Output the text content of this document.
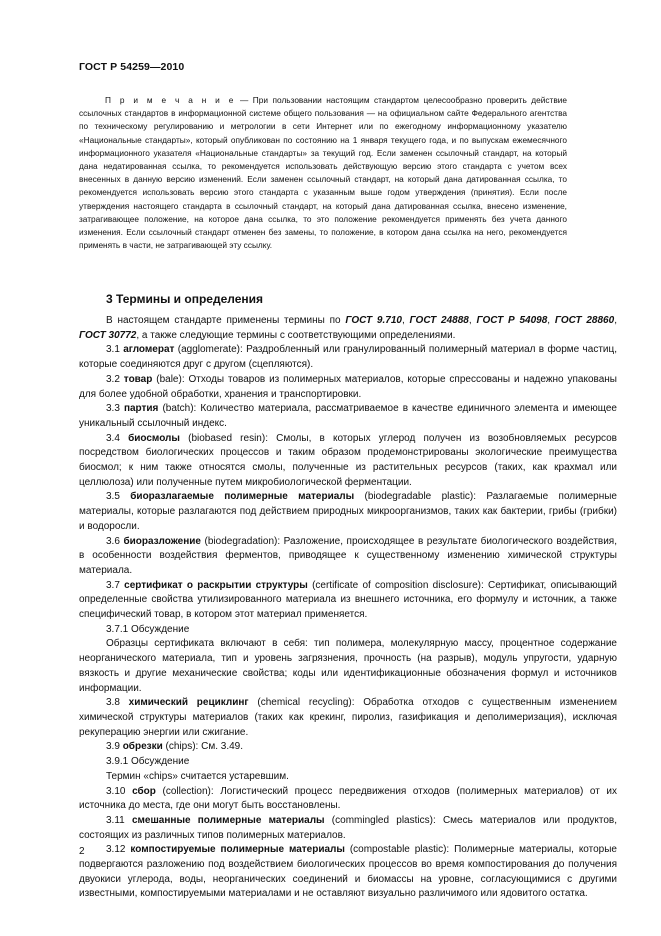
ГОСТ Р 54259—2010
П р и м е ч а н и е — При пользовании настоящим стандартом целесообразно проверить действие ссылочных стандартов в информационной системе общего пользования — на официальном сайте Федерального агентства по техническому регулированию и метрологии в сети Интернет или по ежегодному информационному указателю «Национальные стандарты», который опубликован по состоянию на 1 января текущего года, и по выпускам ежемесячного информационного указателя «Национальные стандарты» за текущий год. Если заменен ссылочный стандарт, на который дана недатированная ссылка, то рекомендуется использовать действующую версию этого стандарта с учетом всех внесенных в данную версию изменений. Если заменен ссылочный стандарт, на который дана датированная ссылка, то рекомендуется использовать версию этого стандарта с указанным выше годом утверждения (принятия). Если после утверждения настоящего стандарта в ссылочный стандарт, на который дана датированная ссылка, внесено изменение, затрагивающее положение, на которое дана ссылка, то это положение рекомендуется применять без учета данного изменения. Если ссылочный стандарт отменен без замены, то положение, в котором дана ссылка на него, рекомендуется применять в части, не затрагивающей эту ссылку.
3 Термины и определения

В настоящем стандарте применены термины по ГОСТ 9.710, ГОСТ 24888, ГОСТ Р 54098, ГОСТ 28860, ГОСТ 30772, а также следующие термины с соответствующими определениями.

3.1 агломерат (agglomerate): Раздробленный или гранулированный полимерный материал в форме частиц, которые соединяются друг с другом (сцепляются).

3.2 товар (bale): Отходы товаров из полимерных материалов, которые спрессованы и надежно упакованы для более удобной обработки, хранения и транспортировки.

3.3 партия (batch): Количество материала, рассматриваемое в качестве единичного элемента и имеющее уникальный ссылочный индекс.

3.4 биосмолы (biobased resin): Смолы, в которых углерод получен из возобновляемых ресурсов посредством биологических процессов и таким образом продемонстрированы экологические преимущества биосмол; к ним также относятся смолы, полученные из растительных ресурсов (таких, как крахмал или целлюлоза) или полученные путем микробиологической ферментации.

3.5 биоразлагаемые полимерные материалы (biodegradable plastic): Разлагаемые полимерные материалы, которые разлагаются под действием природных микроорганизмов, таких как бактерии, грибы (грибки) и водоросли.

3.6 биоразложение (biodegradation): Разложение, происходящее в результате биологического воздействия, в особенности воздействия ферментов, приводящее к существенному изменению химической структуры материала.

3.7 сертификат о раскрытии структуры (certificate of composition disclosure): Сертификат, описывающий определенные свойства утилизированного материала из внешнего источника, его формулу и источник, а также специфический товар, в котором этот материал применяется.

3.7.1 Обсуждение

Образцы сертификата включают в себя: тип полимера, молекулярную массу, процентное содержание неорганического материала, тип и уровень загрязнения, прочность (на разрыв), модуль упругости, ударную вязкость и другие механические свойства; коды или идентификационные обозначения формул и источников информации.

3.8 химический рециклинг (chemical recycling): Обработка отходов с существенным изменением химической структуры материалов (таких как крекинг, пиролиз, газификация и деполимеризация), исключая рекуперацию энергии или сжигание.

3.9 обрезки (chips): См. 3.49.

3.9.1 Обсуждение

Термин «chips» считается устаревшим.

3.10 сбор (collection): Логистический процесс передвижения отходов (полимерных материалов) от их источника до места, где они могут быть восстановлены.

3.11 смешанные полимерные материалы (commingled plastics): Смесь материалов или продуктов, состоящих из различных типов полимерных материалов.

3.12 компостируемые полимерные материалы (compostable plastic): Полимерные материалы, которые подвергаются разложению под воздействием биологических процессов во время компостирования до получения двуокиси углерода, воды, неорганических соединений и биомассы на уровне, согласующимися с другими известными, компостируемыми материалами и не оставляют визуально различимого или ядовитого остатка.

2
